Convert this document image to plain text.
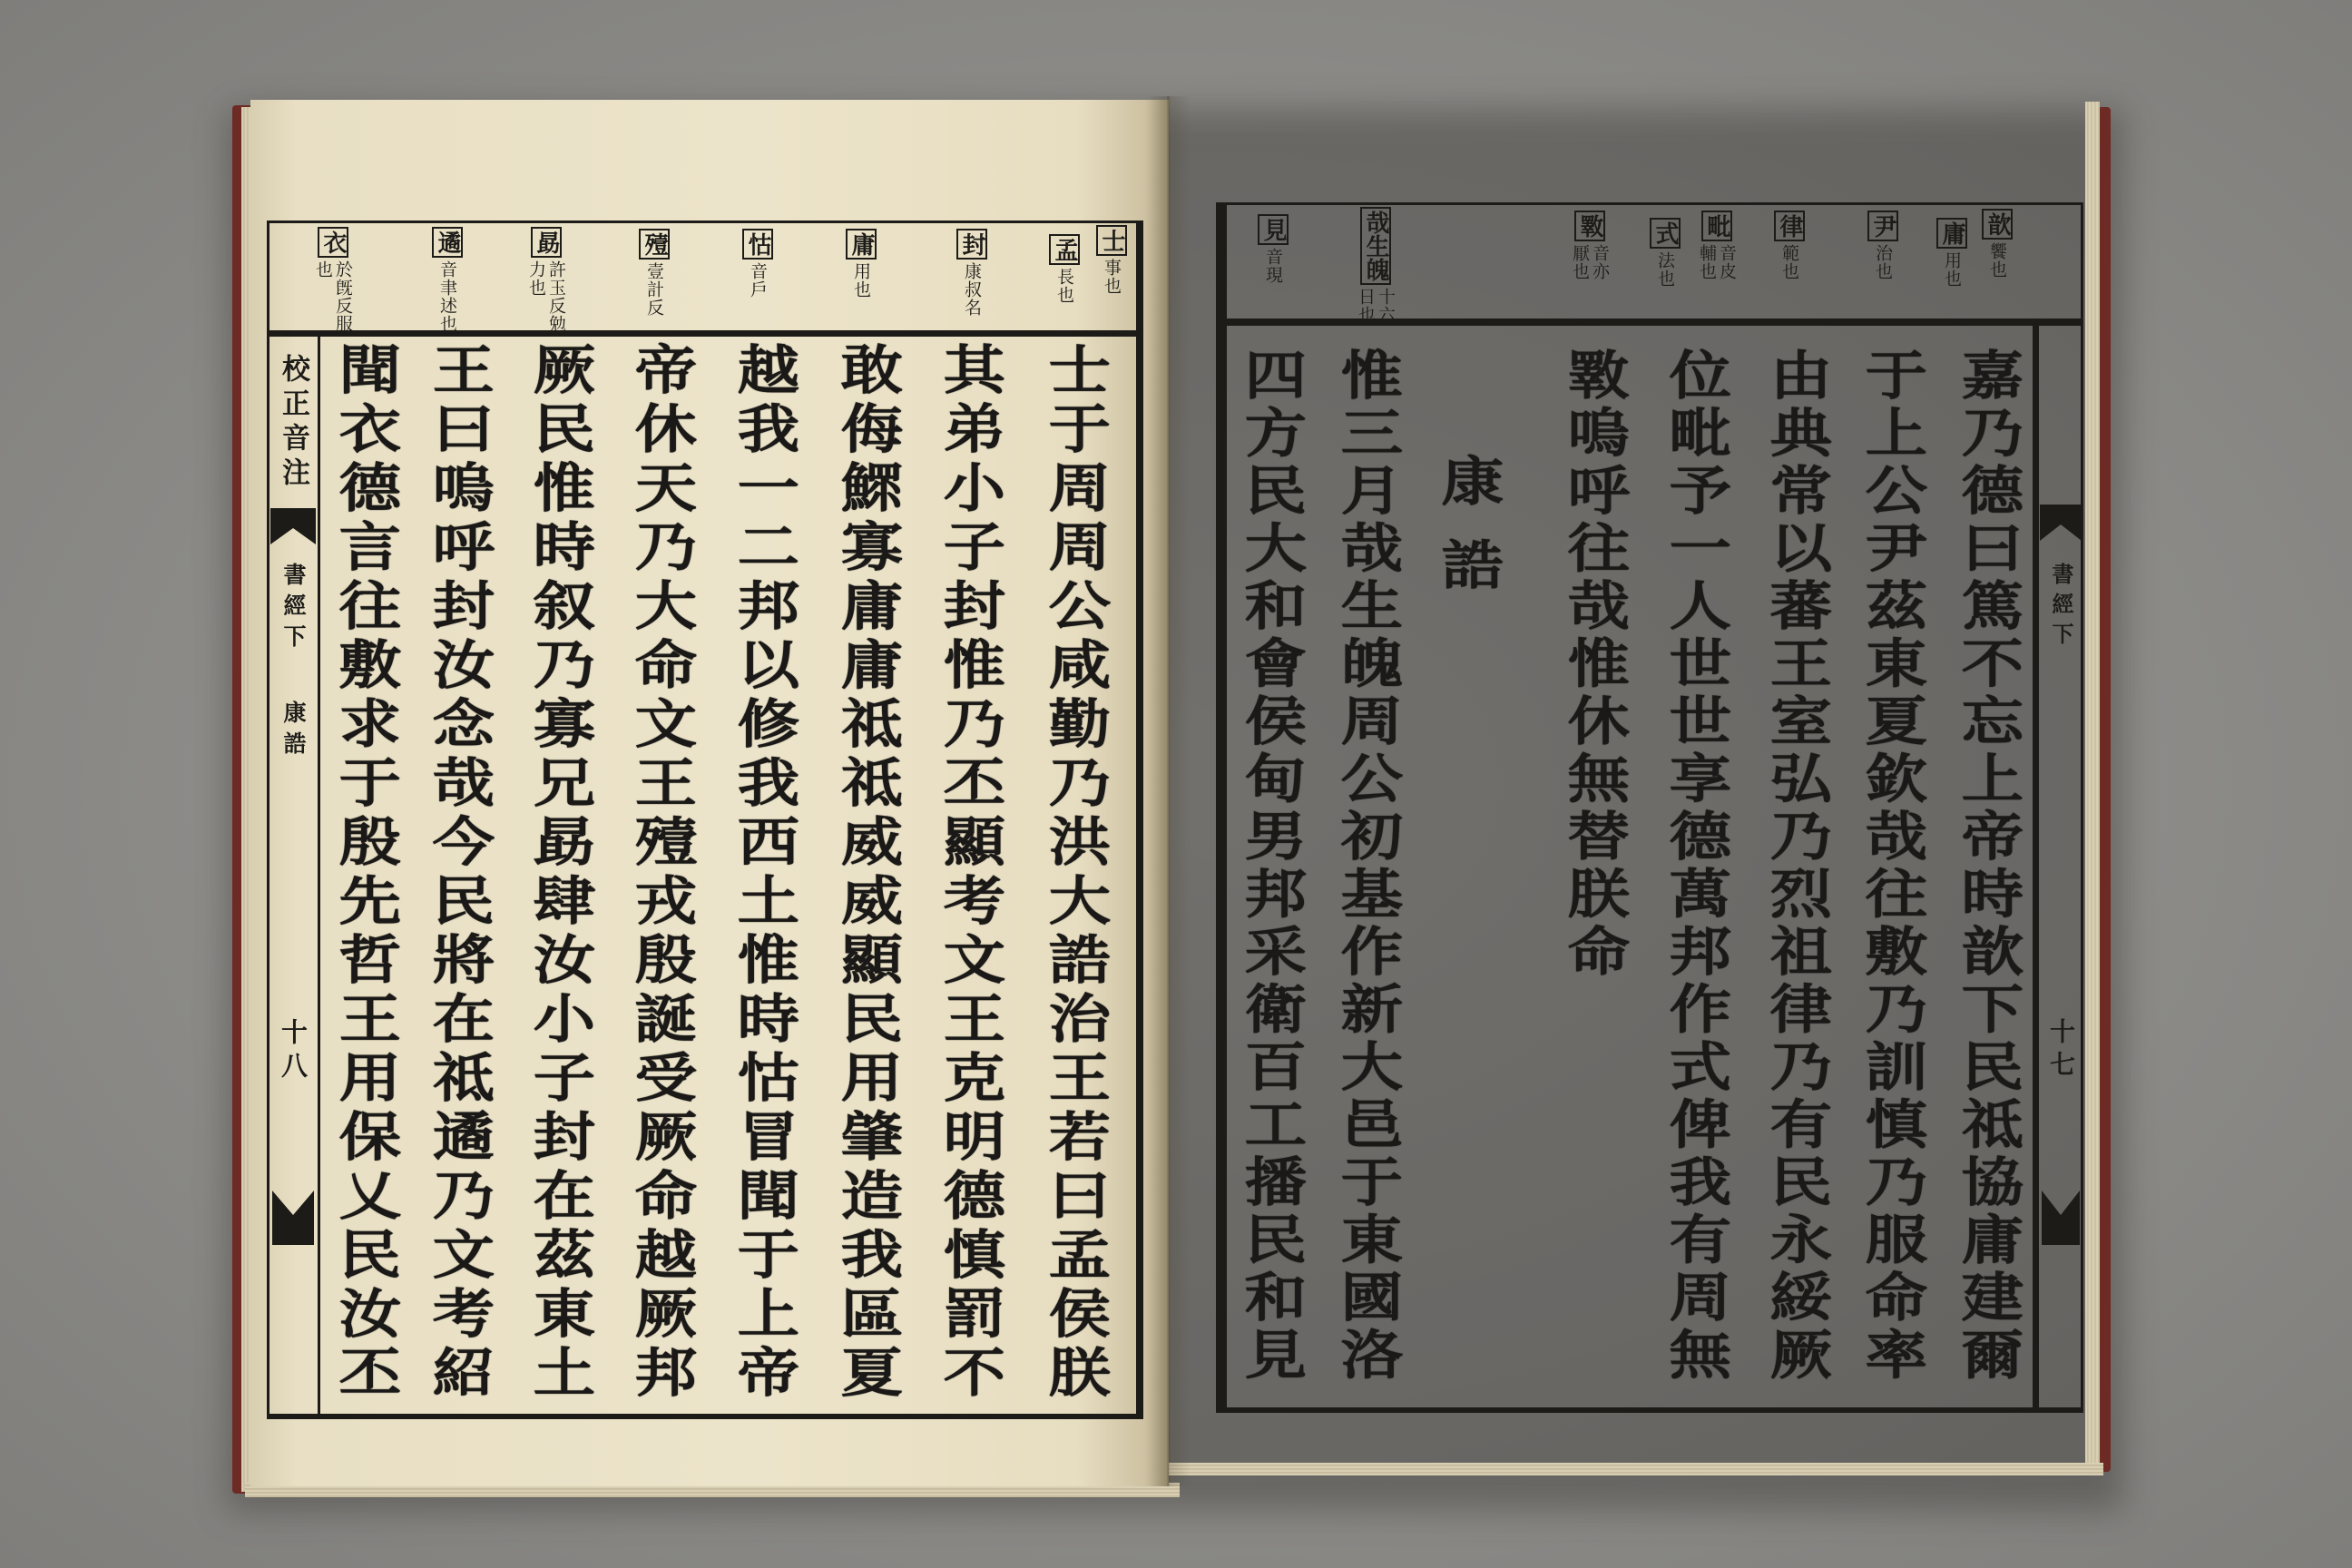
士
事也
孟
長也
封
康叔名
庸
用也
怙
音戶
殪
壹計反
勗
許玉反勉
力也
遹
音聿述也
衣
於旣反服
也
士于周周公咸勤乃洪大誥治王若曰孟侯朕
其弟小子封惟乃丕顯考文王克明德慎罰不
敢侮鰥寡庸庸祗祗威威顯民用肇造我區夏
越我一二邦以修我西土惟時怙冒聞于上帝
帝休天乃大命文王殪戎殷誕受厥命越厥邦
厥民惟時叙乃寡兄勗肆汝小子封在茲東土
王曰嗚呼封汝念哉今民將在祗遹乃文考紹
聞衣德言往敷求于殷先哲王用保乂民汝丕
校正音注
書經下
康誥
十八
歆
饗也
庸
用也
尹
治也
律
範也
毗
音皮
輔也
式
法也
斁
音亦
厭也
哉生魄
十六
日也
見
音現
嘉乃德曰篤不忘上帝時歆下民祗協庸建爾
于上公尹茲東夏欽哉往敷乃訓慎乃服命率
由典常以蕃王室弘乃烈祖律乃有民永綏厥
位毗予一人世世享德萬邦作式俾我有周無
斁嗚呼往哉惟休無替朕命
康誥
惟三月哉生魄周公初基作新大邑于東國洛
四方民大和會侯甸男邦采衛百工播民和見	書經下
十七
